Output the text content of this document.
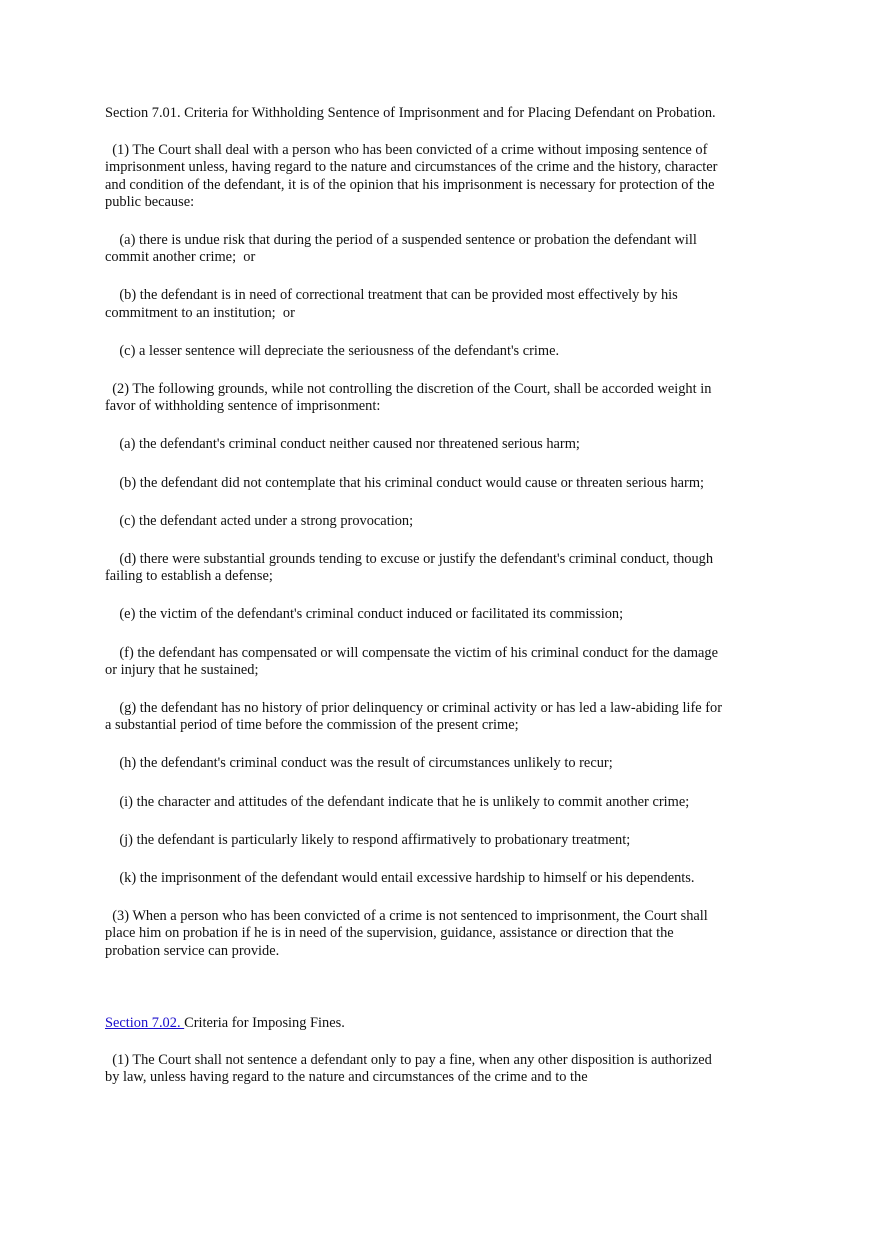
Section 7.01. Criteria for Withholding Sentence of Imprisonment and for Placing Defendant on Probation.

(1) The Court shall deal with a person who has been convicted of a crime without imposing sentence of imprisonment unless, having regard to the nature and circumstances of the crime and the history, character and condition of the defendant, it is of the opinion that his imprisonment is necessary for protection of the public because:

(a) there is undue risk that during the period of a suspended sentence or probation the defendant will commit another crime;  or

(b) the defendant is in need of correctional treatment that can be provided most effectively by his commitment to an institution;  or

(c) a lesser sentence will depreciate the seriousness of the defendant's crime.

(2) The following grounds, while not controlling the discretion of the Court, shall be accorded weight in favor of withholding sentence of imprisonment:

(a) the defendant's criminal conduct neither caused nor threatened serious harm;

(b) the defendant did not contemplate that his criminal conduct would cause or threaten serious harm;

(c) the defendant acted under a strong provocation;

(d) there were substantial grounds tending to excuse or justify the defendant's criminal conduct, though failing to establish a defense;

(e) the victim of the defendant's criminal conduct induced or facilitated its commission;

(f) the defendant has compensated or will compensate the victim of his criminal conduct for the damage or injury that he sustained;

(g) the defendant has no history of prior delinquency or criminal activity or has led a law-abiding life for a substantial period of time before the commission of the present crime;

(h) the defendant's criminal conduct was the result of circumstances unlikely to recur;

(i) the character and attitudes of the defendant indicate that he is unlikely to commit another crime;

(j) the defendant is particularly likely to respond affirmatively to probationary treatment;

(k) the imprisonment of the defendant would entail excessive hardship to himself or his dependents.

(3) When a person who has been convicted of a crime is not sentenced to imprisonment, the Court shall place him on probation if he is in need of the supervision, guidance, assistance or direction that the probation service can provide.

Section 7.02. Criteria for Imposing Fines.

(1) The Court shall not sentence a defendant only to pay a fine, when any other disposition is authorized by law, unless having regard to the nature and circumstances of the crime and to the
